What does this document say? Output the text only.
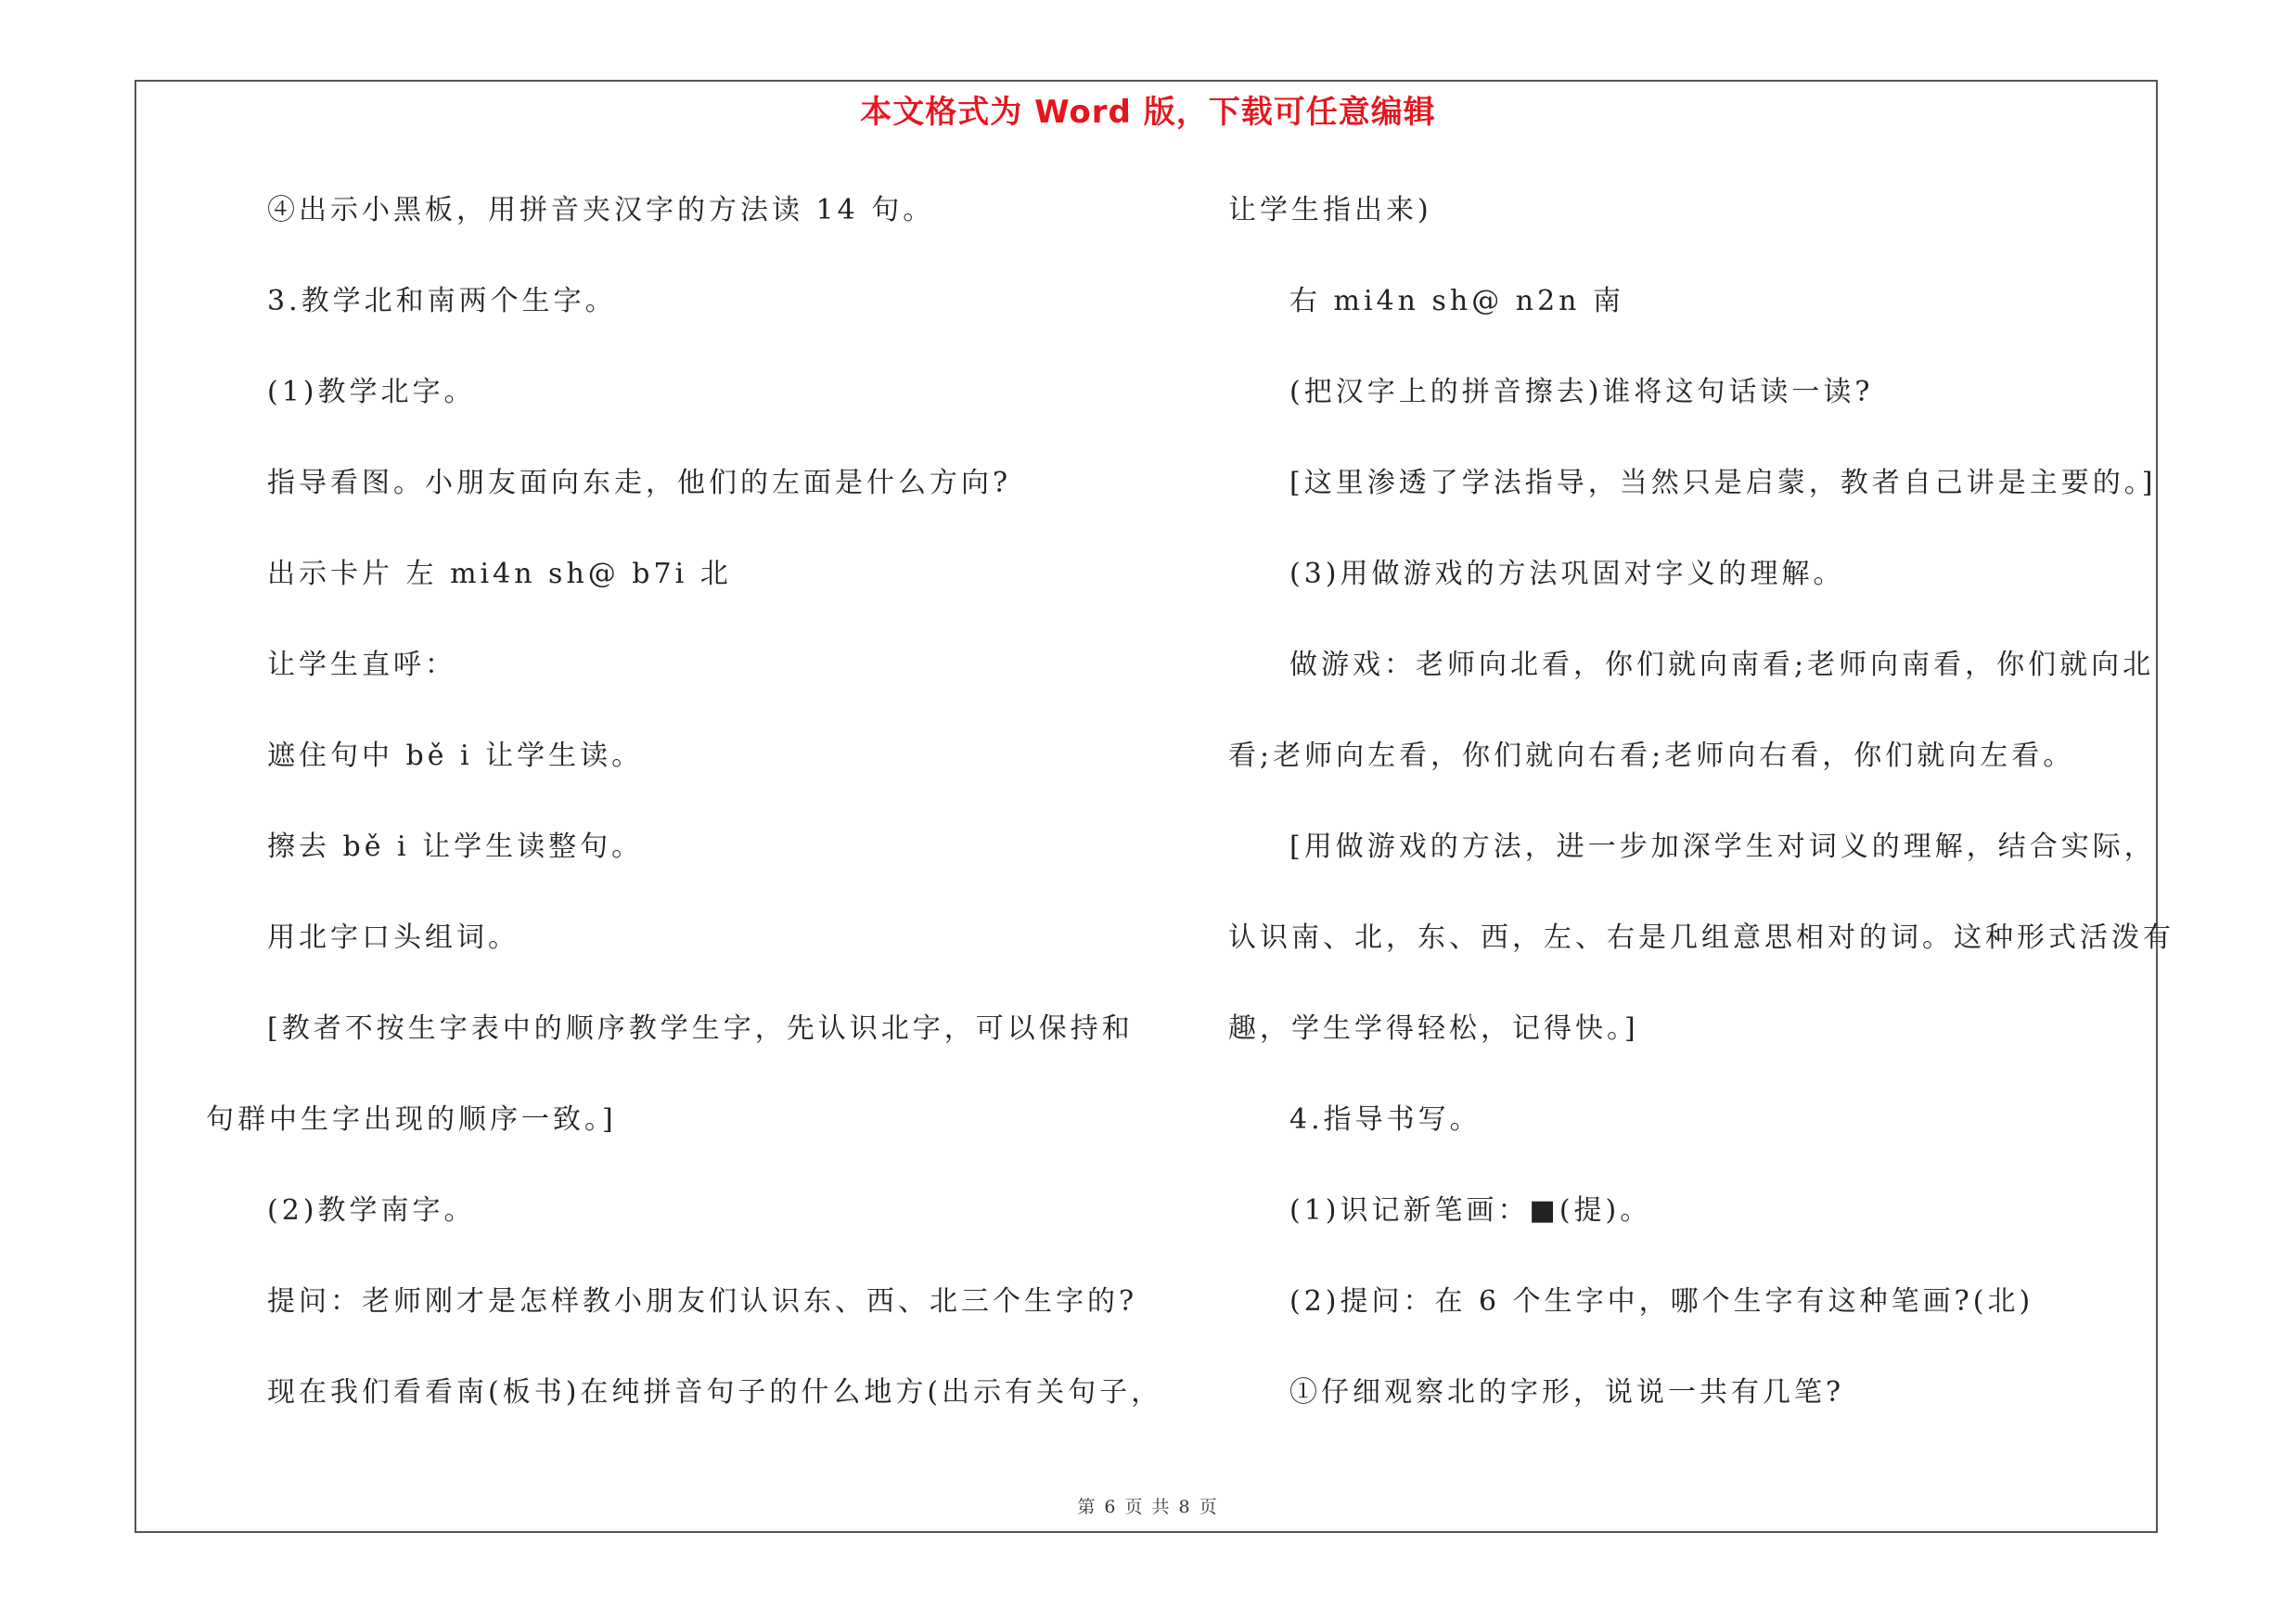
本文格式为 Word 版，下载可任意编辑
④出示小黑板，用拼音夹汉字的方法读 14 句。
3.教学北和南两个生字。
(1)教学北字。
指导看图。小朋友面向东走，他们的左面是什么方向?
出示卡片 左 mi4n sh@ b7i 北
让学生直呼：
遮住句中 bě i 让学生读。
擦去 bě i 让学生读整句。
用北字口头组词。
[教者不按生字表中的顺序教学生字，先认识北字，可以保持和
句群中生字出现的顺序一致。]
(2)教学南字。
提问：老师刚才是怎样教小朋友们认识东、西、北三个生字的?
现在我们看看南(板书)在纯拼音句子的什么地方(出示有关句子，
让学生指出来)
右 mi4n sh@ n2n 南
(把汉字上的拼音擦去)谁将这句话读一读?
[这里渗透了学法指导，当然只是启蒙，教者自己讲是主要的。]
(3)用做游戏的方法巩固对字义的理解。
做游戏：老师向北看，你们就向南看;老师向南看，你们就向北
看;老师向左看，你们就向右看;老师向右看，你们就向左看。
[用做游戏的方法，进一步加深学生对词义的理解，结合实际，
认识南、北，东、西，左、右是几组意思相对的词。这种形式活泼有
趣，学生学得轻松，记得快。]
4.指导书写。
(1)识记新笔画：■(提)。
(2)提问：在 6 个生字中，哪个生字有这种笔画?(北)
①仔细观察北的字形，说说一共有几笔?
第 6 页 共 8 页
